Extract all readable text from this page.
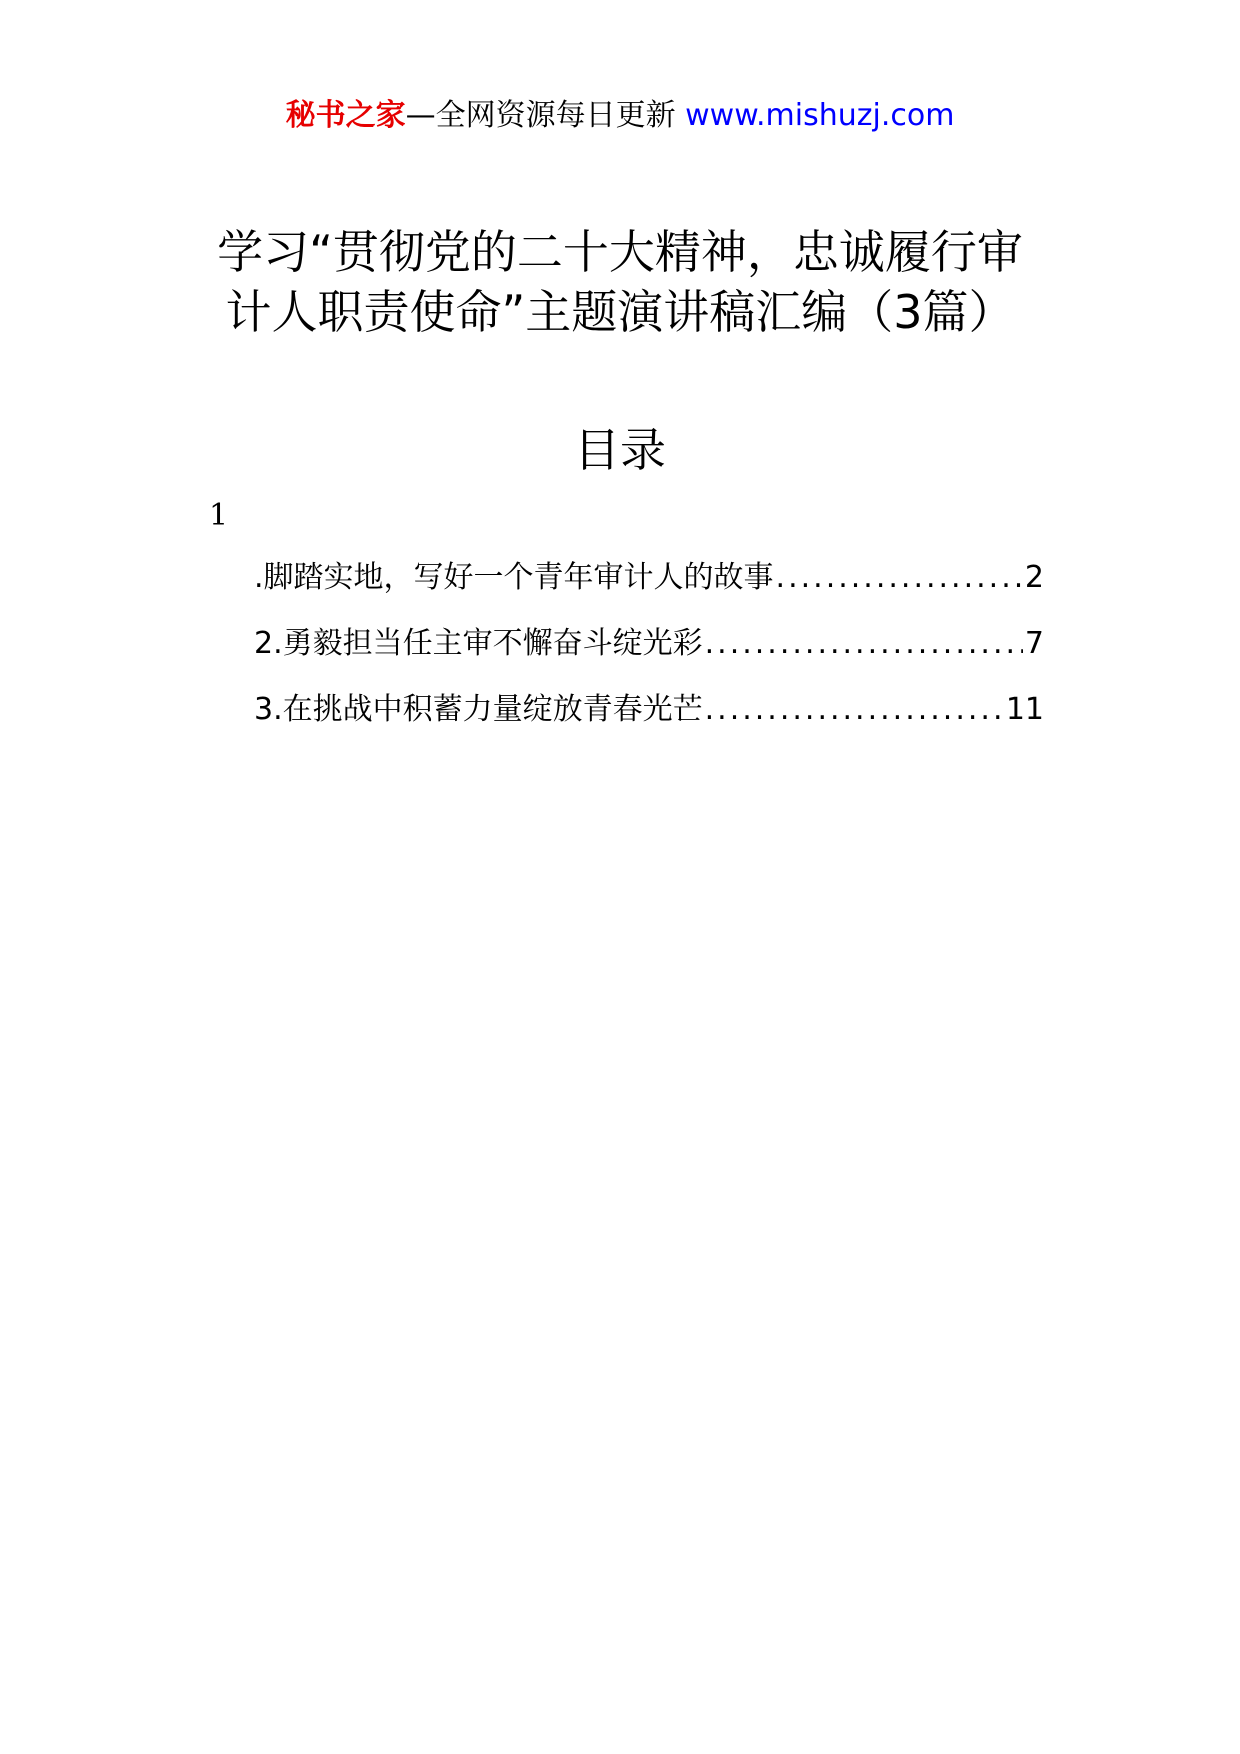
秘书之家—全网资源每日更新 www.mishuzj.com
学习“贯彻党的二十大精神，忠诚履行审
计人职责使命”主题演讲稿汇编（3篇）
目录
1
.脚踏实地，写好一个青年审计人的故事 .....	2
2.勇毅担当任主审不懈奋斗绽光彩 .....	7
3.在挑战中积蓄力量绽放青春光芒 .....	11
